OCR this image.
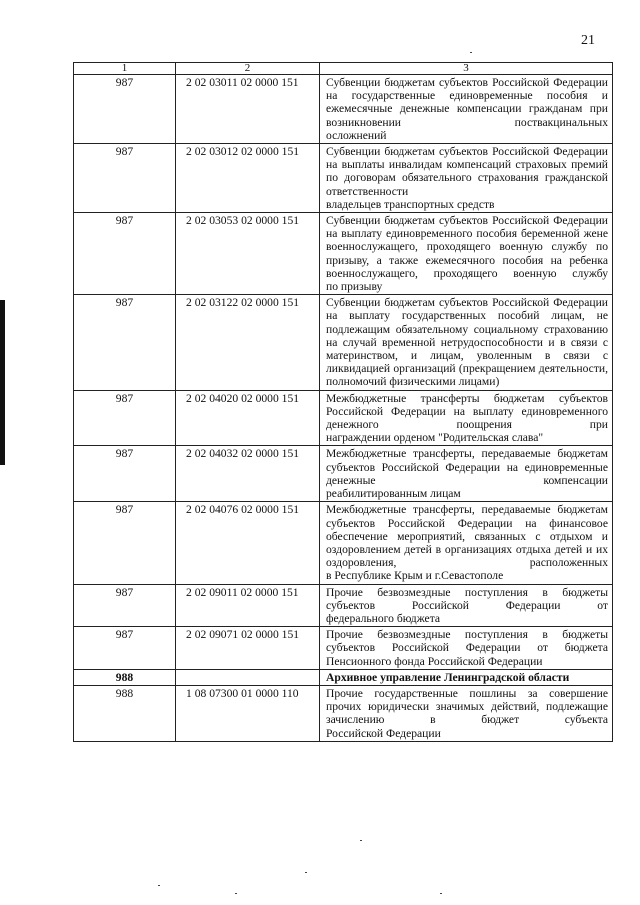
21
1	2	3
987	2 02 03011 02 0000 151	Субвенции бюджетам субъектов Российской Федерации на государственные единовременные пособия и ежемесячные денежные компенсации гражданам при возникновении поствакцинальных
осложнений

987	2 02 03012 02 0000 151	Субвенции бюджетам субъектов Российской Федерации на выплаты инвалидам компенсаций страховых премий по договорам обязательного страхования гражданской ответственности
владельцев транспортных средств

987	2 02 03053 02 0000 151	Субвенции бюджетам субъектов Российской Федерации на выплату единовременного пособия беременной жене военнослужащего, проходящего военную службу по призыву, а также ежемесячного пособия на ребенка военнослужащего, проходящего военную службу
по призыву

987	2 02 03122 02 0000 151	Субвенции бюджетам субъектов Российской Федерации на выплату государственных пособий лицам, не подлежащим обязательному социальному страхованию на случай временной нетрудоспособности и в связи с материнством, и лицам, уволенным в связи с ликвидацией организаций (прекращением деятельности,
полномочий физическими лицами)

987	2 02 04020 02 0000 151	Межбюджетные трансферты бюджетам субъектов Российской Федерации на выплату единовременного денежного поощрения при
награждении орденом "Родительская слава"

987	2 02 04032 02 0000 151	Межбюджетные трансферты, передаваемые бюджетам субъектов Российской Федерации на единовременные денежные компенсации
реабилитированным лицам

987	2 02 04076 02 0000 151	Межбюджетные трансферты, передаваемые бюджетам субъектов Российской Федерации на финансовое обеспечение мероприятий, связанных с отдыхом и оздоровлением детей в организациях отдыха детей и их оздоровления, расположенных
в Республике Крым и г.Севастополе

987	2 02 09011 02 0000 151	Прочие безвозмездные поступления в бюджеты субъектов Российской Федерации от
федерального бюджета

987	2 02 09071 02 0000 151	Прочие безвозмездные поступления в бюджеты субъектов Российской Федерации от бюджета
Пенсионного фонда Российской Федерации

988		Архивное управление Ленинградской области

988	1 08 07300 01 0000 110	Прочие государственные пошлины за совершение прочих юридически значимых действий, подлежащие зачислению в бюджет субъекта
Российской Федерации
